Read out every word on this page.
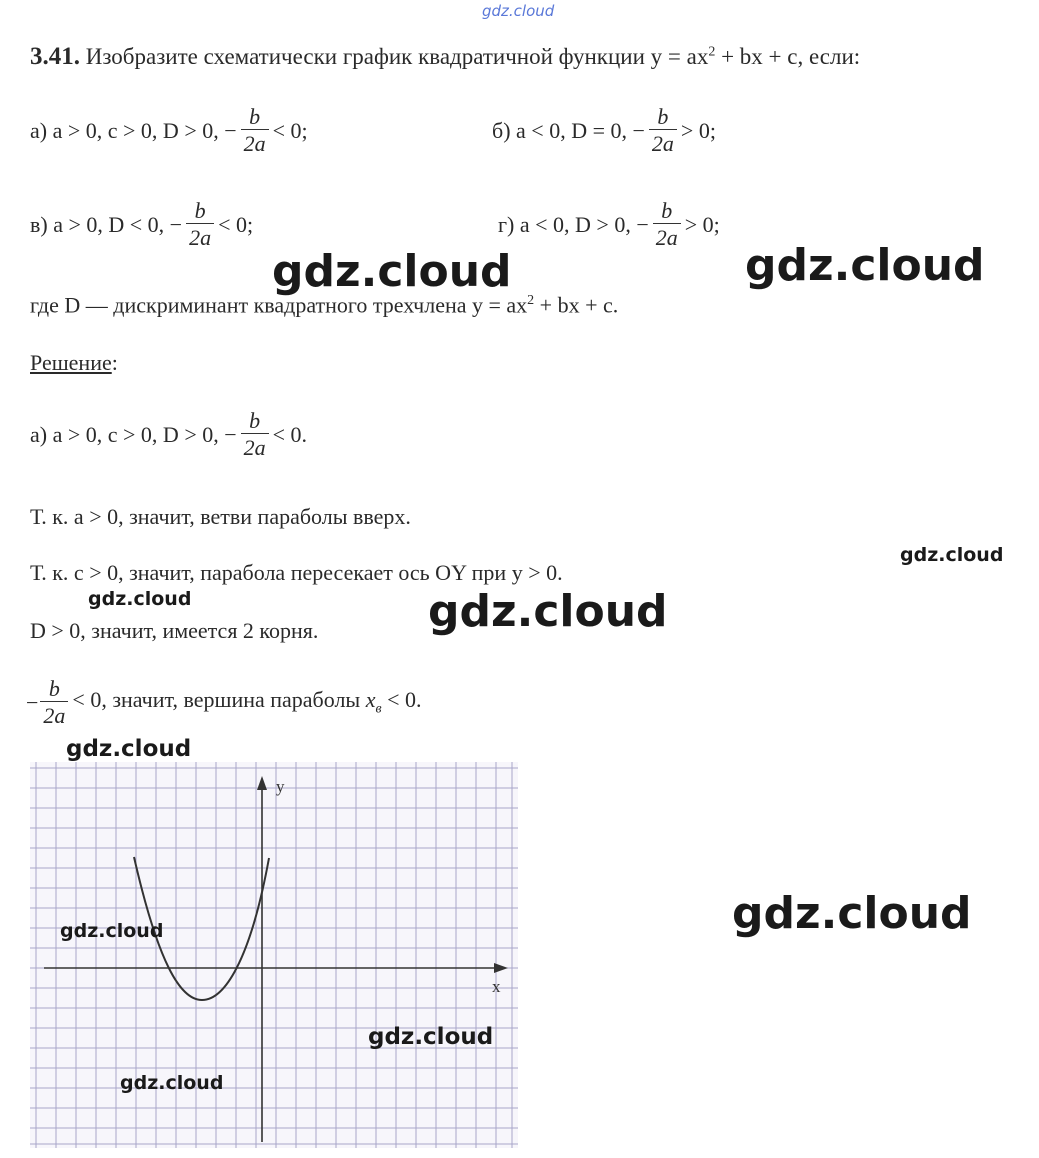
gdz.cloud
3.41. Изобразите схематически график квадратичной функции $y = ax^2$ + bx + c, если:
а) a > 0, c > 0, D > 0, − $\frac{b}{2a} < 0$;	б) a < 0, D = 0, − $\frac{b}{2a} > 0$;
в) a > 0, D < 0, − $\frac{b}{2a} < 0$;	г) a < 0, D > 0, − $\frac{b}{2a} > 0$;
где D — дискриминант квадратного трехчлена $y = ax^2$ + bx + c.
Решение:
а) a > 0, c > 0, D > 0, − $\frac{b}{2a} < 0$.
Т. к. a > 0, значит, ветви параболы вверх.
Т. к. c > 0, значит, парабола пересекает ось OY при y > 0.
D > 0, значит, имеется 2 корня.
− $\frac{b}{2a} < 0$, значит, вершина параболы $x_в < 0$.
x
y
gdz.cloud	gdz.cloud
gdz.cloud
gdz.cloud	gdz.cloud
gdz.cloud
gdz.cloud
gdz.cloud
gdz.cloud
gdz.cloud
